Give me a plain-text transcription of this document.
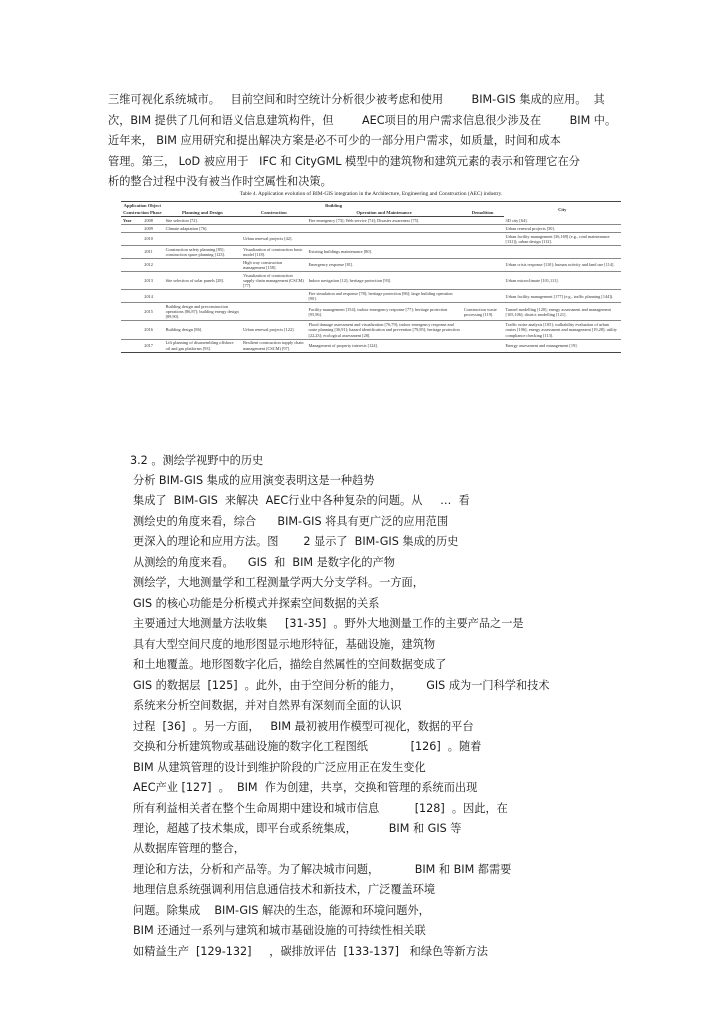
三维可视化系统城市。   目前空间和时空统计分析很少被考虑和使用        BIM-GIS 集成的应用。  其
次，BIM 提供了几何和语义信息建筑构件，但        AEC项目的用户需求信息很少涉及在        BIM 中。
近年来， BIM 应用研究和提出解决方案是必不可少的一部分用户需求，如质量，时间和成本
管理。第三， LoD 被应用于   IFC 和 CityGML 模型中的建筑物和建筑元素的表示和管理它在分
析的整合过程中没有被当作时空属性和决策。

Table 4. Application evolution of BIM-GIS integration in the Architecture, Engineering and Construction (AEC) industry.

Application Object		Building				City
Construction Phase		Planning and Design	Construction	Operation and Maintenance	Demolition	
Year	2008	Site selection [72].		Fire emergency [73]; Web service [74]; Disaster awareness [75].		3D city [64].
	2009	Climate adaptation [76].				Urban renewal projects [30].
	2010		Urban renewal projects [42].			Urban facility management [36,169] (e.g., road maintenance [131]); urban design [112].
	2011	Construction safety planning [85]; construction space planning [123].	Visualization of construction basic model [118].	Existing buildings maintenance [80].		
	2012		High way construction management [158].	Emergency response [81].		Urban crisis response [110]; human activity and land use [114].
	2013	Site selection of solar panels [28].	Visualization of construction supply chain management (CSCM) [77].	Indoor navigation [12]; heritage protection [93].		Urban microclimate [101,111].
	2014			Fire simulation and response [78]; heritage protection [86]; large building operation [90].		Urban facility management [177] (e.g., traffic planning [144]).
	2015	Building design and preconstruction operations [86,87]; building energy design [89,90].		Facility management [154]; indoor emergency response [77]; heritage protection [95,96].	Construction waste processing [119].	Tunnel modelling [120]; energy assessment and management [105,106]; district modelling [121].
	2016	Building design [86].	Urban renewal projects [122].	Flood damage assessment and visualization [76,79]; indoor emergency response and route planning [36,91]; hazard identification and prevention [79,85]; heritage protection [22,23]; ecological assessment [28].		Traffic noise analysis [105]; walkability evaluation of urban routes [106]; energy assessment and management [19,28]; utility compliance checking [113].
	2017	Lift planning of disassembling offshore oil and gas platforms [93].	Resilient construction supply chain management (CSCM) [97].	Management of property interests [124].		Energy assessment and management [19].

3.2 。测绘学视野中的历史

分析 BIM-GIS 集成的应用演变表明这是一种趋势
集成了  BIM-GIS  来解决  AEC行业中各种复杂的问题。从     …  看
测绘史的角度来看，综合      BIM-GIS 将具有更广泛的应用范围
更深入的理论和应用方法。图       2 显示了  BIM-GIS 集成的历史
从测绘的角度来看。    GIS  和  BIM 是数字化的产物
测绘学，大地测量学和工程测量学两大分支学科。一方面，
GIS 的核心功能是分析模式并探索空间数据的关系
主要通过大地测量方法收集     [31-35]  。野外大地测量工作的主要产品之一是
具有大型空间尺度的地形图显示地形特征，基础设施，建筑物
和土地覆盖。地形图数字化后，描绘自然属性的空间数据变成了
GIS 的数据层  [125]  。此外，由于空间分析的能力，       GIS 成为一门科学和技术
系统来分析空间数据，并对自然界有深刻而全面的认识
过程  [36]  。另一方面，   BIM 最初被用作模型可视化，数据的平台
交换和分析建筑物或基础设施的数字化工程图纸            [126]  。随着
BIM 从建筑管理的设计到维护阶段的广泛应用正在发生变化
AEC产业 [127]  。  BIM  作为创建，共享，交换和管理的系统而出现
所有利益相关者在整个生命周期中建设和城市信息          [128]  。因此，在
理论，超越了技术集成，即平台或系统集成，         BIM 和 GIS 等
从数据库管理的整合，
理论和方法，分析和产品等。为了解决城市问题，          BIM 和 BIM 都需要
地理信息系统强调利用信息通信技术和新技术，广泛覆盖环境
问题。除集成    BIM-GIS 解决的生态，能源和环境问题外，
BIM 还通过一系列与建筑和城市基础设施的可持续性相关联
如精益生产  [129-132]     ，碳排放评估  [133-137]   和绿色等新方法
